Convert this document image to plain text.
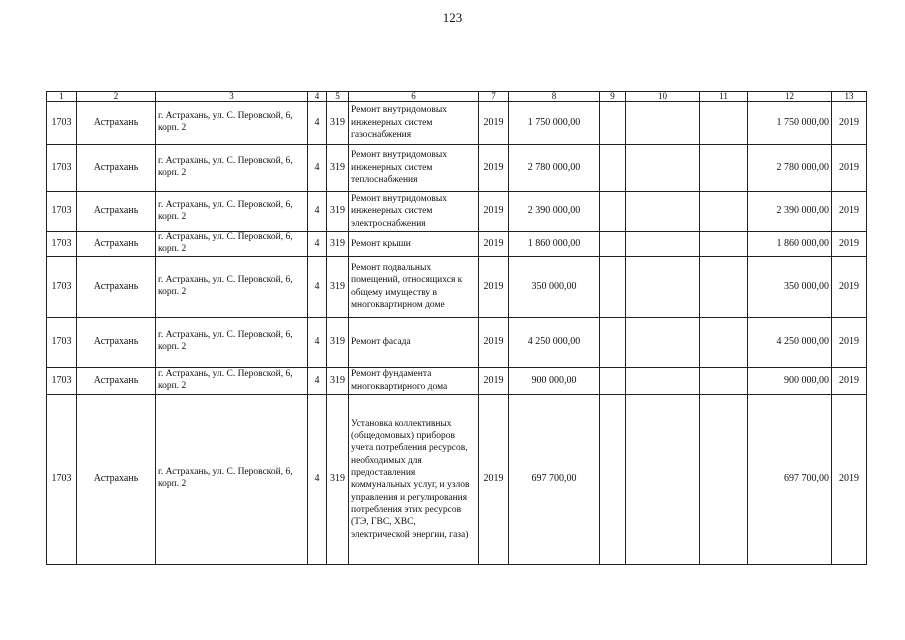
123
1	2	3	4	5	6	7	8	9	10	11	12	13
1703	Астрахань	г. Астрахань, ул. С. Перовской, 6, корп. 2	4	319	Ремонт внутридомовых инженерных систем газоснабжения	2019	1 750 000,00				1 750 000,00	2019
1703	Астрахань	г. Астрахань, ул. С. Перовской, 6, корп. 2	4	319	Ремонт внутридомовых инженерных систем теплоснабжения	2019	2 780 000,00				2 780 000,00	2019
1703	Астрахань	г. Астрахань, ул. С. Перовской, 6, корп. 2	4	319	Ремонт внутридомовых инженерных систем электроснабжения	2019	2 390 000,00				2 390 000,00	2019
1703	Астрахань	г. Астрахань, ул. С. Перовской, 6, корп. 2	4	319	Ремонт крыши	2019	1 860 000,00				1 860 000,00	2019
1703	Астрахань	г. Астрахань, ул. С. Перовской, 6, корп. 2	4	319	Ремонт подвальных помещений, относящихся к общему имуществу в многоквартирном доме	2019	350 000,00				350 000,00	2019
1703	Астрахань	г. Астрахань, ул. С. Перовской, 6, корп. 2	4	319	Ремонт фасада	2019	4 250 000,00				4 250 000,00	2019
1703	Астрахань	г. Астрахань, ул. С. Перовской, 6, корп. 2	4	319	Ремонт фундамента многоквартирного дома	2019	900 000,00				900 000,00	2019
1703	Астрахань	г. Астрахань, ул. С. Перовской, 6, корп. 2	4	319	Установка коллективных (общедомовых) приборов учета потребления ресурсов, необходимых для предоставления коммунальных услуг, и узлов управления и регулирования потребления этих ресурсов (ТЭ, ГВС, ХВС, электрической энергии, газа)	2019	697 700,00				697 700,00	2019
